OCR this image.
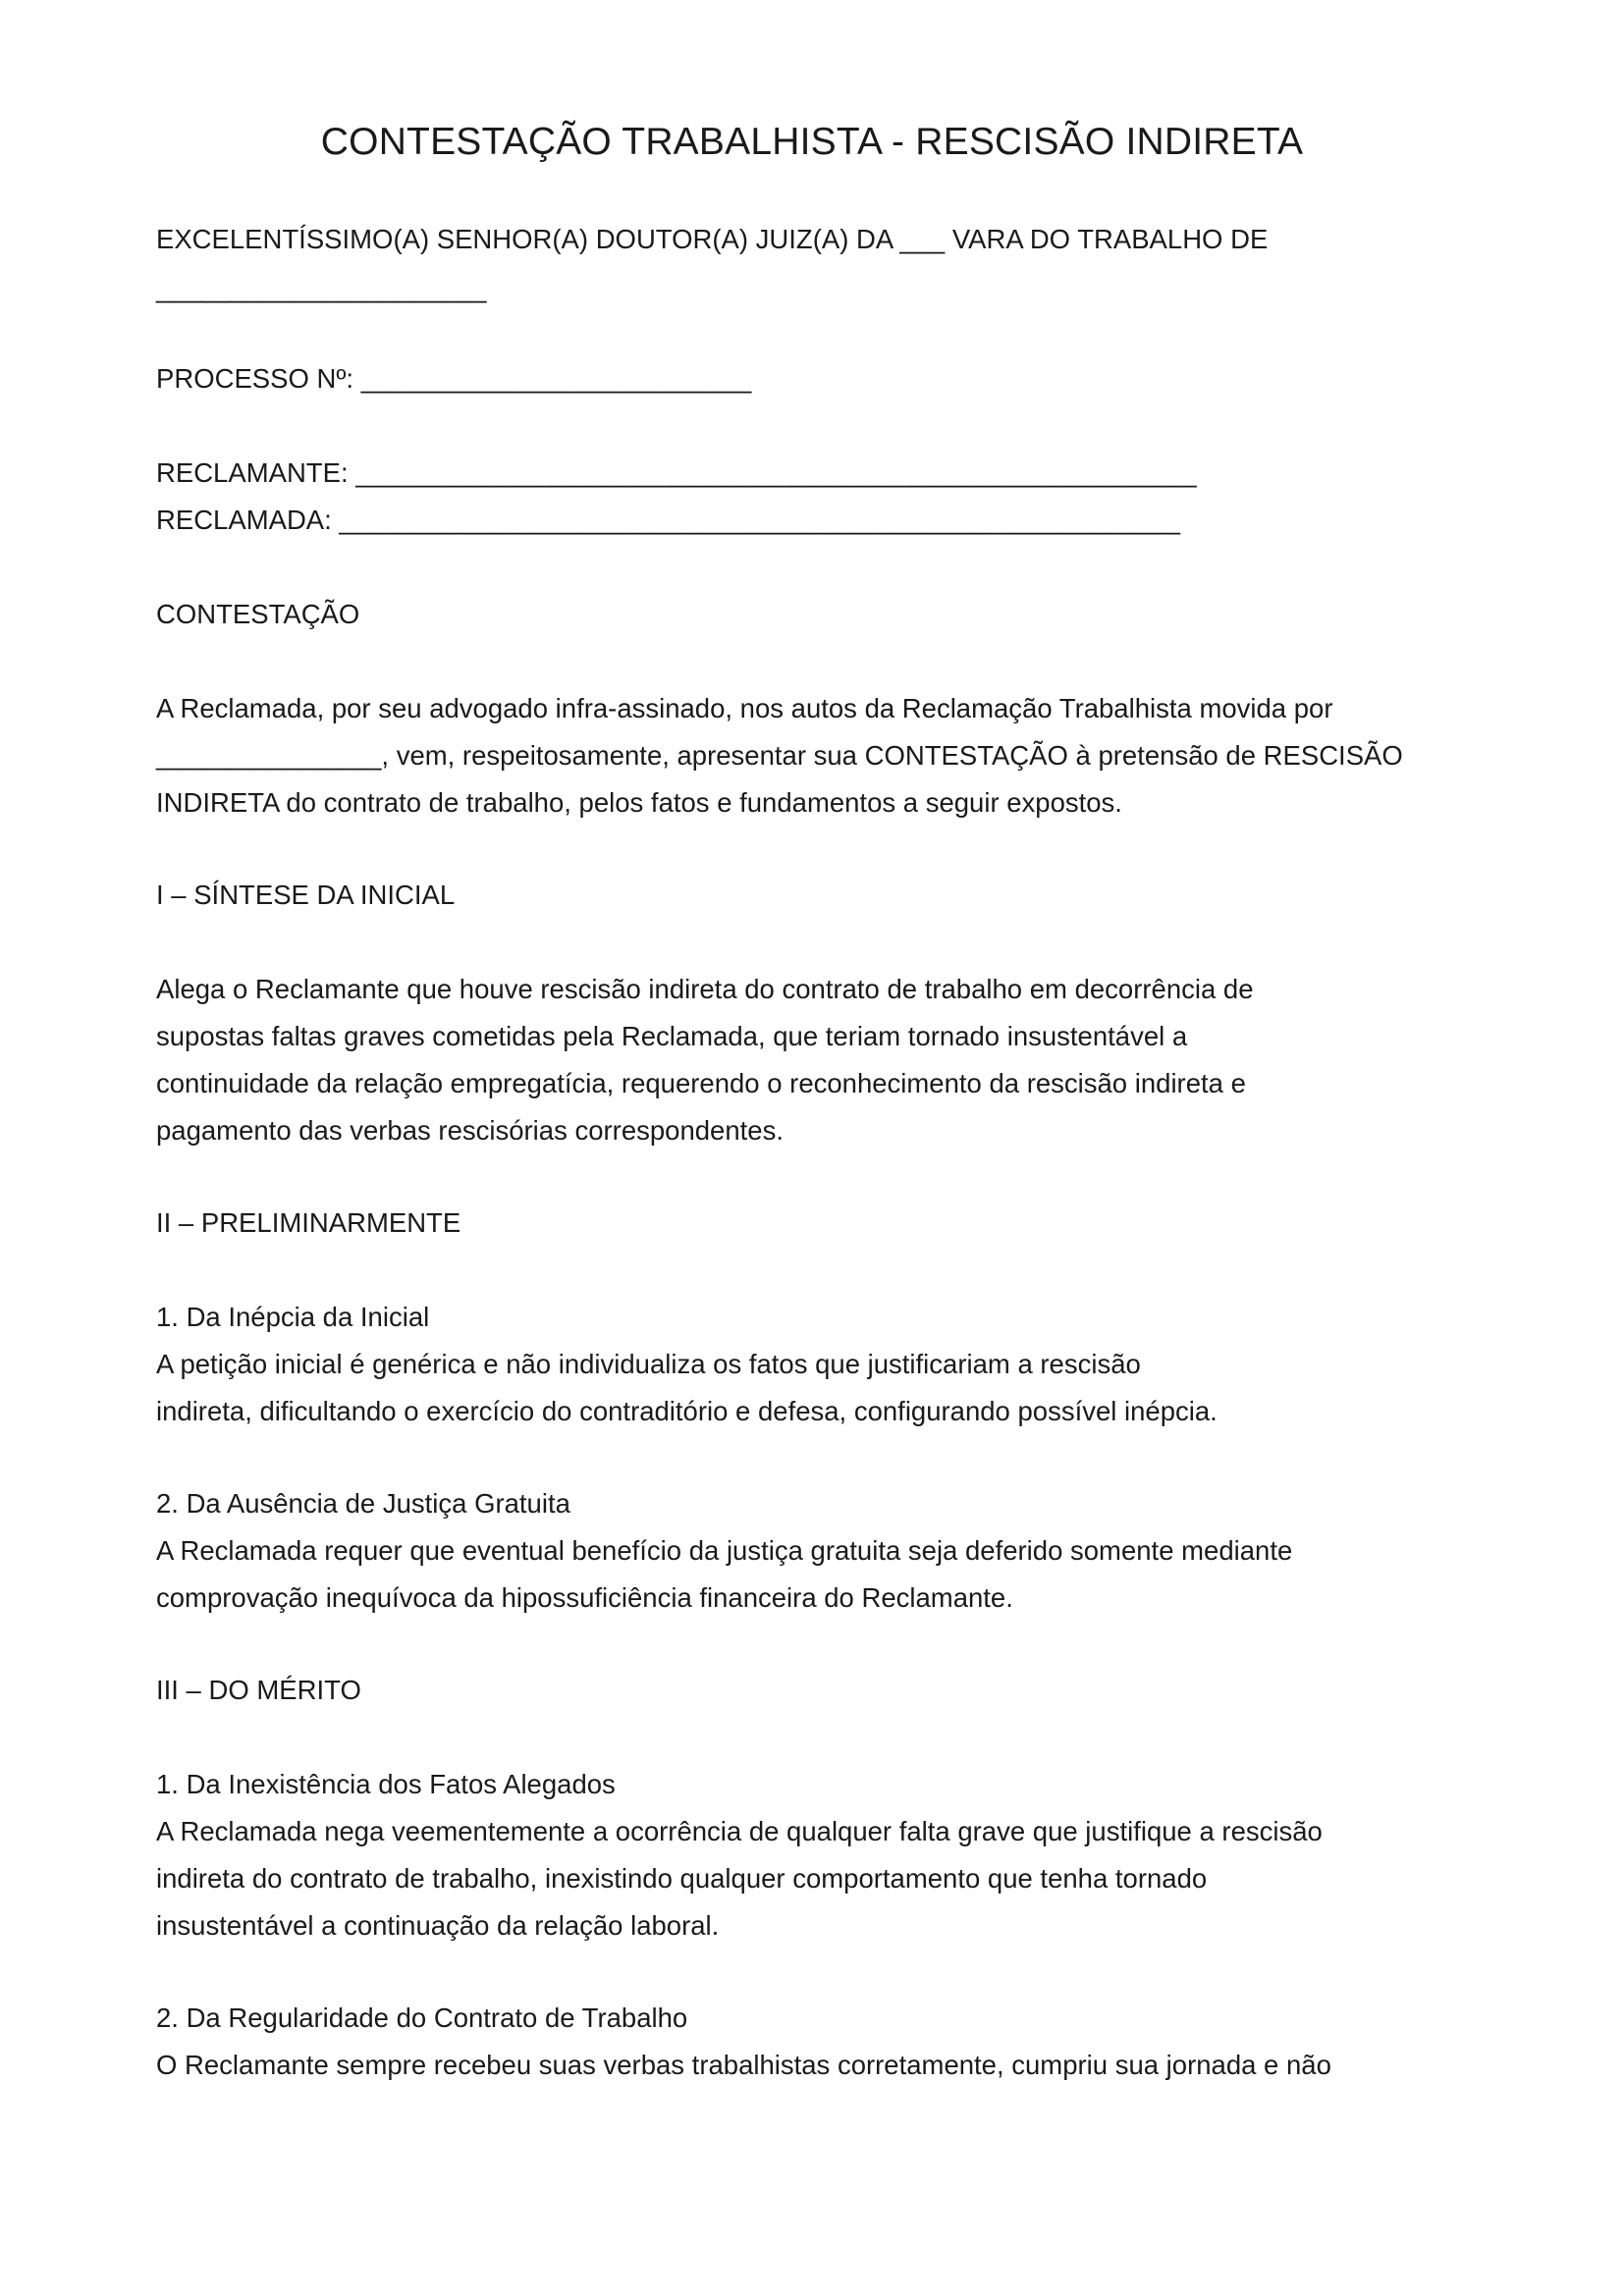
CONTESTAÇÃO TRABALHISTA - RESCISÃO INDIRETA
EXCELENTÍSSIMO(A) SENHOR(A) DOUTOR(A) JUIZ(A) DA ___ VARA DO TRABALHO DE
______________________
PROCESSO Nº: __________________________
RECLAMANTE: ________________________________________________________
RECLAMADA: ________________________________________________________
CONTESTAÇÃO
A Reclamada, por seu advogado infra-assinado, nos autos da Reclamação Trabalhista movida por
_______________, vem, respeitosamente, apresentar sua CONTESTAÇÃO à pretensão de RESCISÃO
INDIRETA do contrato de trabalho, pelos fatos e fundamentos a seguir expostos.
I – SÍNTESE DA INICIAL
Alega o Reclamante que houve rescisão indireta do contrato de trabalho em decorrência de
supostas faltas graves cometidas pela Reclamada, que teriam tornado insustentável a
continuidade da relação empregatícia, requerendo o reconhecimento da rescisão indireta e
pagamento das verbas rescisórias correspondentes.
II – PRELIMINARMENTE
1. Da Inépcia da Inicial
A petição inicial é genérica e não individualiza os fatos que justificariam a rescisão
indireta, dificultando o exercício do contraditório e defesa, configurando possível inépcia.
2. Da Ausência de Justiça Gratuita
A Reclamada requer que eventual benefício da justiça gratuita seja deferido somente mediante
comprovação inequívoca da hipossuficiência financeira do Reclamante.
III – DO MÉRITO
1. Da Inexistência dos Fatos Alegados
A Reclamada nega veementemente a ocorrência de qualquer falta grave que justifique a rescisão
indireta do contrato de trabalho, inexistindo qualquer comportamento que tenha tornado
insustentável a continuação da relação laboral.
2. Da Regularidade do Contrato de Trabalho
O Reclamante sempre recebeu suas verbas trabalhistas corretamente, cumpriu sua jornada e não
